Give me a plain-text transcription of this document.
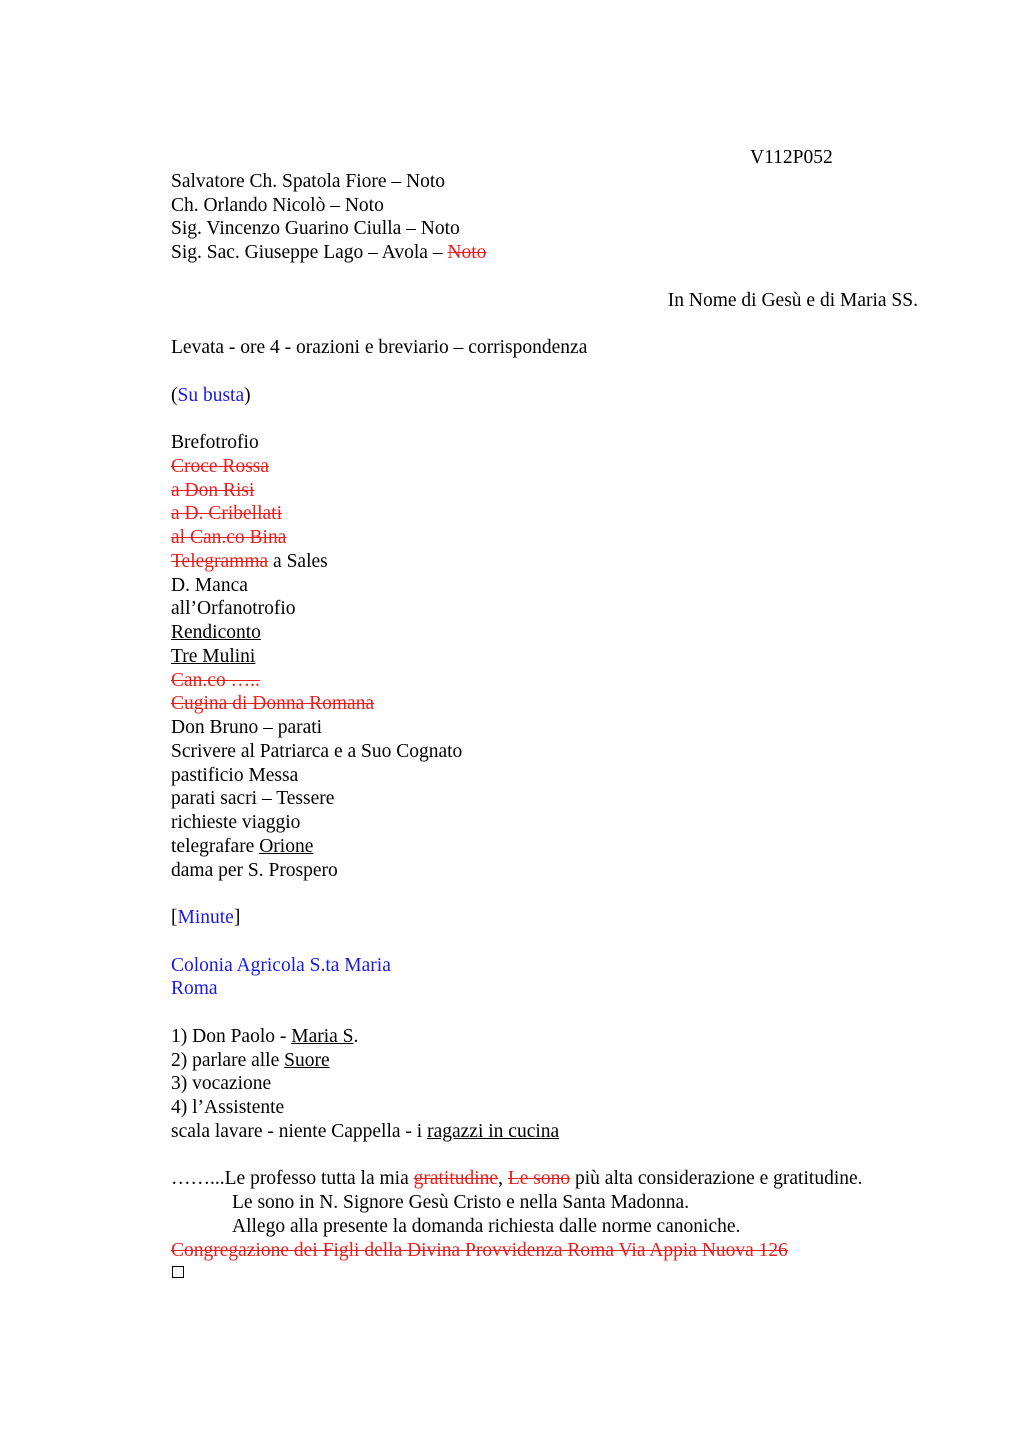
V112P052
Salvatore Ch. Spatola Fiore – Noto
Ch. Orlando Nicolò – Noto
Sig. Vincenzo Guarino Ciulla – Noto
Sig. Sac. Giuseppe Lago – Avola – Noto
In Nome di Gesù e di Maria SS.
Levata - ore 4 - orazioni e breviario – corrispondenza
(Su busta)
Brefotrofio
Croce Rossa
a Don Risi
a D. Cribellati
al Can.co Bina
Telegramma a Sales
D. Manca
all’Orfanotrofio
Rendiconto
Tre Mulini
Can.co …..
Cugina di Donna Romana
Don Bruno – parati
Scrivere al Patriarca e a Suo Cognato
pastificio Messa
parati sacri – Tessere
richieste viaggio
telegrafare Orione
dama per S. Prospero
[Minute]
Colonia Agricola S.ta Maria
Roma
1) Don Paolo - Maria S.
2) parlare alle Suore
3) vocazione
4) l’Assistente
scala lavare - niente Cappella - i ragazzi in cucina
……...Le professo tutta la mia gratitudine, Le sono più alta considerazione e gratitudine.
Le sono in N. Signore Gesù Cristo e nella Santa Madonna.
Allego alla presente la domanda richiesta dalle norme canoniche.
Congregazione dei Figli della Divina Provvidenza Roma Via Appia Nuova 126
